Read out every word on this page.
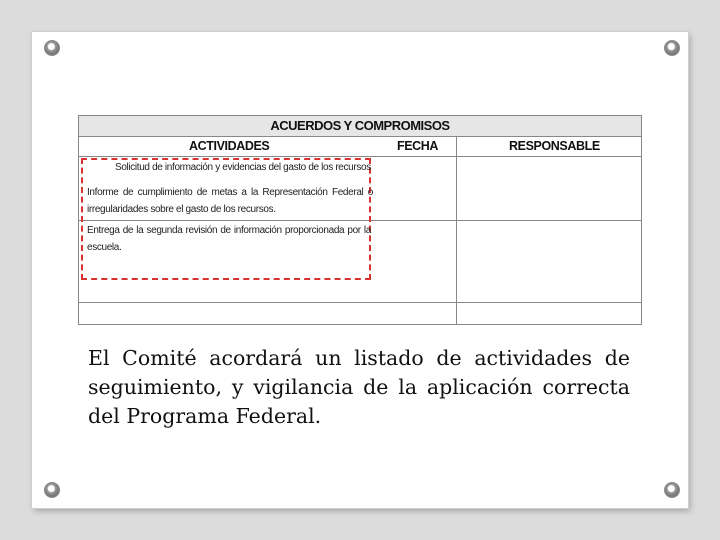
ACUERDOS Y COMPROMISOS
ACTIVIDADES	FECHA	RESPONSABLE
Solicitud de información y evidencias del gasto de los recursos
Informe de cumplimiento de metas a la Representación Federal o irregularidades sobre el gasto de los recursos.
Entrega de la segunda revisión de información proporcionada por la escuela.
El Comité acordará un listado de actividades de seguimiento, y vigilancia de la aplicación correcta del Programa Federal.
